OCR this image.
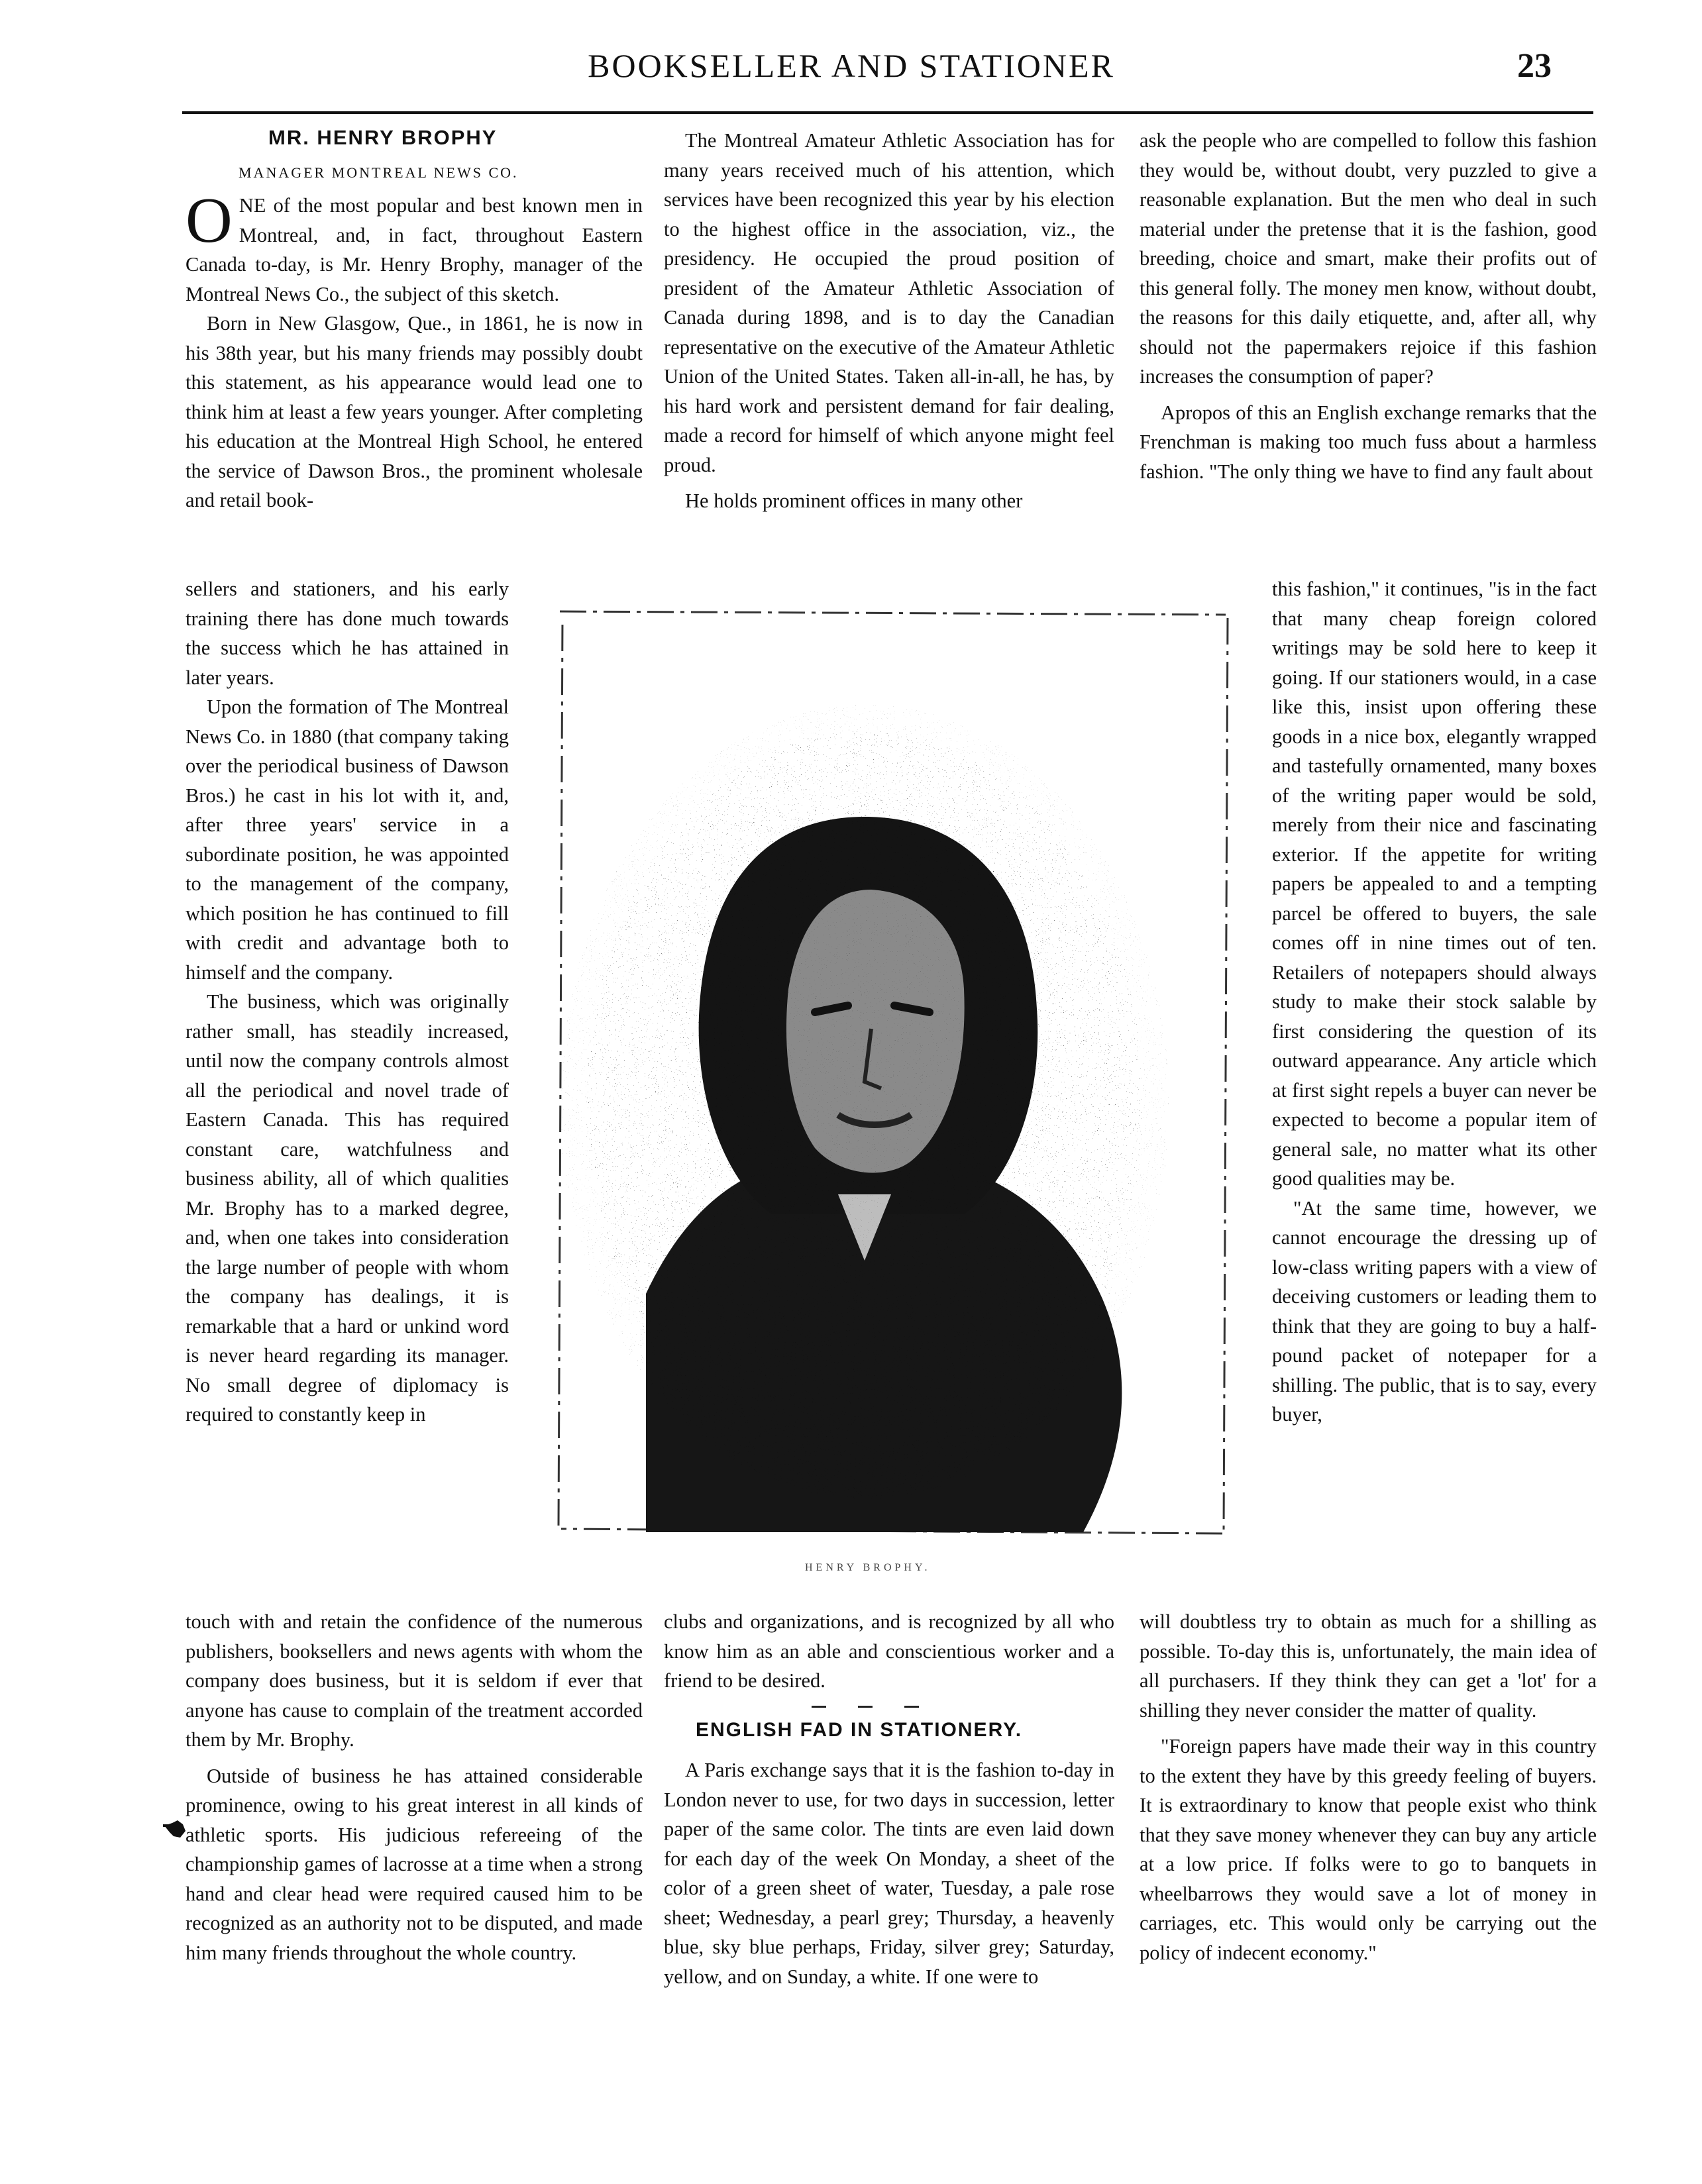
BOOKSELLER AND STATIONER	23
MR. HENRY BROPHY
MANAGER MONTREAL NEWS CO.
O NE of the most popular and best known men in Montreal, and, in fact, throughout Eastern Canada to-day, is Mr. Henry Brophy, manager of the Montreal News Co., the subject of this sketch.

Born in New Glasgow, Que., in 1861, he is now in his 38th year, but his many friends may possibly doubt this statement, as his appearance would lead one to think him at least a few years younger. After completing his education at the Montreal High School, he entered the service of Dawson Bros., the prominent wholesale and retail book-

sellers and stationers, and his early training there has done much towards the success which he has attained in later years.

Upon the formation of The Montreal News Co. in 1880 (that company taking over the periodical business of Dawson Bros.) he cast in his lot with it, and, after three years' service in a subordinate position, he was appointed to the management of the company, which position he has continued to fill with credit and advantage both to himself and the company.

The business, which was originally rather small, has steadily increased, until now the company controls almost all the periodical and novel trade of Eastern Canada. This has required constant care, watchfulness and business ability, all of which qualities Mr. Brophy has to a marked degree, and, when one takes into consideration the large number of people with whom the company has dealings, it is remarkable that a hard or unkind word is never heard regarding its manager. No small degree of diplomacy is required to constantly keep in

touch with and retain the confidence of the numerous publishers, booksellers and news agents with whom the company does business, but it is seldom if ever that anyone has cause to complain of the treatment accorded them by Mr. Brophy.

Outside of business he has attained considerable prominence, owing to his great interest in all kinds of athletic sports. His judicious refereeing of the championship games of lacrosse at a time when a strong hand and clear head were required caused him to be recognized as an authority not to be disputed, and made him many friends throughout the whole country.

The Montreal Amateur Athletic Association has for many years received much of his attention, which services have been recognized this year by his election to the highest office in the association, viz., the presidency. He occupied the proud position of president of the Amateur Athletic Association of Canada during 1898, and is to day the Canadian representative on the executive of the Amateur Athletic Union of the United States. Taken all-in-all, he has, by his hard work and persistent demand for fair dealing, made a record for himself of which anyone might feel proud.

He holds prominent offices in many other

HENRY BROPHY.

clubs and organizations, and is recognized by all who know him as an able and conscientious worker and a friend to be desired.

ENGLISH FAD IN STATIONERY.

A Paris exchange says that it is the fashion to-day in London never to use, for two days in succession, letter paper of the same color. The tints are even laid down for each day of the week On Monday, a sheet of the color of a green sheet of water, Tuesday, a pale rose sheet; Wednesday, a pearl grey; Thursday, a heavenly blue, sky blue perhaps, Friday, silver grey; Saturday, yellow, and on Sunday, a white. If one were to

ask the people who are compelled to follow this fashion they would be, without doubt, very puzzled to give a reasonable explanation. But the men who deal in such material under the pretense that it is the fashion, good breeding, choice and smart, make their profits out of this general folly. The money men know, without doubt, the reasons for this daily etiquette, and, after all, why should not the papermakers rejoice if this fashion increases the consumption of paper?

Apropos of this an English exchange remarks that the Frenchman is making too much fuss about a harmless fashion. "The only thing we have to find any fault about

this fashion," it continues, "is in the fact that many cheap foreign colored writings may be sold here to keep it going. If our stationers would, in a case like this, insist upon offering these goods in a nice box, elegantly wrapped and tastefully ornamented, many boxes of the writing paper would be sold, merely from their nice and fascinating exterior. If the appetite for writing papers be appealed to and a tempting parcel be offered to buyers, the sale comes off in nine times out of ten. Retailers of notepapers should always study to make their stock salable by first considering the question of its outward appearance. Any article which at first sight repels a buyer can never be expected to become a popular item of general sale, no matter what its other good qualities may be.

"At the same time, however, we cannot encourage the dressing up of low-class writing papers with a view of deceiving customers or leading them to think that they are going to buy a half-pound packet of notepaper for a shilling. The public, that is to say, every buyer,

will doubtless try to obtain as much for a shilling as possible. To-day this is, unfortunately, the main idea of all purchasers. If they think they can get a 'lot' for a shilling they never consider the matter of quality.

"Foreign papers have made their way in this country to the extent they have by this greedy feeling of buyers. It is extraordinary to know that people exist who think that they save money whenever they can buy any article at a low price. If folks were to go to banquets in wheelbarrows they would save a lot of money in carriages, etc. This would only be carrying out the policy of indecent economy."
